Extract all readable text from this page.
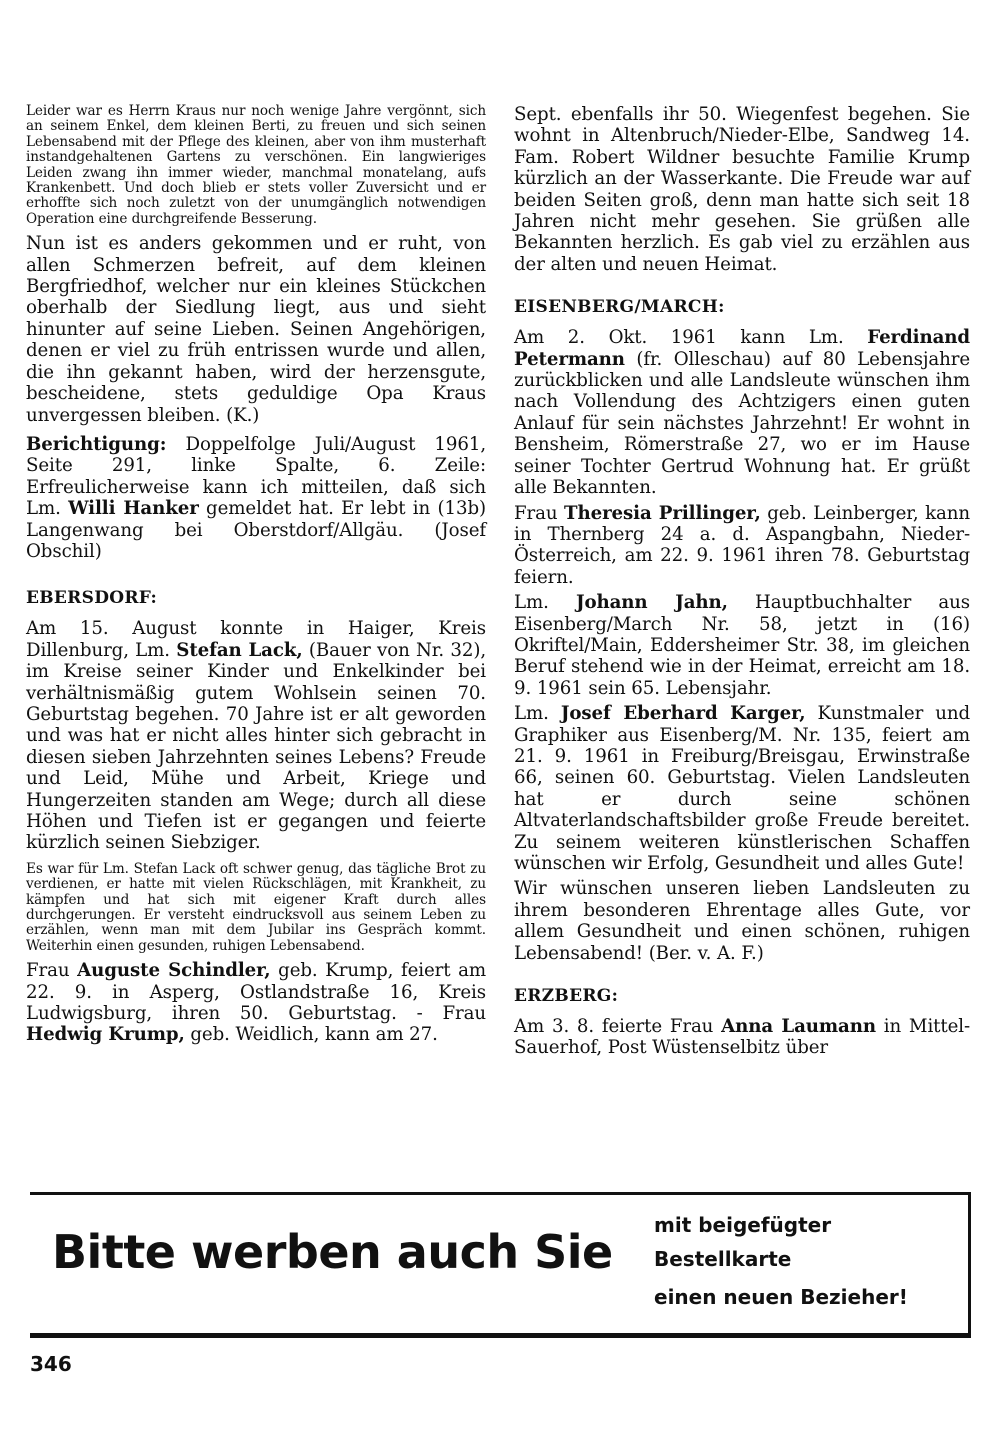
Leider war es Herrn Kraus nur noch wenige Jahre vergönnt, sich an seinem Enkel, dem kleinen Berti, zu freuen und sich seinen Lebensabend mit der Pflege des kleinen, aber von ihm musterhaft instandgehaltenen Gartens zu verschönen. Ein langwieriges Leiden zwang ihn immer wieder, manchmal monatelang, aufs Krankenbett. Und doch blieb er stets voller Zuversicht und er erhoffte sich noch zuletzt von der unumgänglich notwendigen Operation eine durchgreifende Besserung.

Nun ist es anders gekommen und er ruht, von allen Schmerzen befreit, auf dem kleinen Bergfriedhof, welcher nur ein kleines Stückchen oberhalb der Siedlung liegt, aus und sieht hinunter auf seine Lieben. Seinen Angehörigen, denen er viel zu früh entrissen wurde und allen, die ihn gekannt haben, wird der herzensgute, bescheidene, stets geduldige Opa Kraus unvergessen bleiben. (K.)

Berichtigung: Doppelfolge Juli/August 1961, Seite 291, linke Spalte, 6. Zeile: Erfreulicherweise kann ich mitteilen, daß sich Lm. Willi Hanker gemeldet hat. Er lebt in (13b) Langenwang bei Oberstdorf/Allgäu. (Josef Obschil)

EBERSDORF:

Am 15. August konnte in Haiger, Kreis Dillenburg, Lm. Stefan Lack, (Bauer von Nr. 32), im Kreise seiner Kinder und Enkelkinder bei verhältnismäßig gutem Wohlsein seinen 70. Geburtstag begehen. 70 Jahre ist er alt geworden und was hat er nicht alles hinter sich gebracht in diesen sieben Jahrzehnten seines Lebens? Freude und Leid, Mühe und Arbeit, Kriege und Hungerzeiten standen am Wege; durch all diese Höhen und Tiefen ist er gegangen und feierte kürzlich seinen Siebziger.

Es war für Lm. Stefan Lack oft schwer genug, das tägliche Brot zu verdienen, er hatte mit vielen Rückschlägen, mit Krankheit, zu kämpfen und hat sich mit eigener Kraft durch alles durchgerungen. Er versteht eindrucksvoll aus seinem Leben zu erzählen, wenn man mit dem Jubilar ins Gespräch kommt. Weiterhin einen gesunden, ruhigen Lebensabend.

Frau Auguste Schindler, geb. Krump, feiert am 22. 9. in Asperg, Ostlandstraße 16, Kreis Ludwigsburg, ihren 50. Geburtstag. - Frau Hedwig Krump, geb. Weidlich, kann am 27.

Sept. ebenfalls ihr 50. Wiegenfest begehen. Sie wohnt in Altenbruch/Nieder-Elbe, Sandweg 14. Fam. Robert Wildner besuchte Familie Krump kürzlich an der Wasserkante. Die Freude war auf beiden Seiten groß, denn man hatte sich seit 18 Jahren nicht mehr gesehen. Sie grüßen alle Bekannten herzlich. Es gab viel zu erzählen aus der alten und neuen Heimat.

EISENBERG/MARCH:

Am 2. Okt. 1961 kann Lm. Ferdinand Petermann (fr. Olleschau) auf 80 Lebensjahre zurückblicken und alle Landsleute wünschen ihm nach Vollendung des Achtzigers einen guten Anlauf für sein nächstes Jahrzehnt! Er wohnt in Bensheim, Römerstraße 27, wo er im Hause seiner Tochter Gertrud Wohnung hat. Er grüßt alle Bekannten.

Frau Theresia Prillinger, geb. Leinberger, kann in Thernberg 24 a. d. Aspangbahn, Nieder-Österreich, am 22. 9. 1961 ihren 78. Geburtstag feiern.

Lm. Johann Jahn, Hauptbuchhalter aus Eisenberg/March Nr. 58, jetzt in (16) Okriftel/Main, Eddersheimer Str. 38, im gleichen Beruf stehend wie in der Heimat, erreicht am 18. 9. 1961 sein 65. Lebensjahr.

Lm. Josef Eberhard Karger, Kunstmaler und Graphiker aus Eisenberg/M. Nr. 135, feiert am 21. 9. 1961 in Freiburg/Breisgau, Erwinstraße 66, seinen 60. Geburtstag. Vielen Landsleuten hat er durch seine schönen Altvaterlandschaftsbilder große Freude bereitet. Zu seinem weiteren künstlerischen Schaffen wünschen wir Erfolg, Gesundheit und alles Gute!

Wir wünschen unseren lieben Landsleuten zu ihrem besonderen Ehrentage alles Gute, vor allem Gesundheit und einen schönen, ruhigen Lebensabend! (Ber. v. A. F.)

ERZBERG:

Am 3. 8. feierte Frau Anna Laumann in Mittel-Sauerhof, Post Wüstenselbitz über

Bitte werben auch Sie mit beigefügter
Bestellkarte
einen neuen Bezieher!
346
